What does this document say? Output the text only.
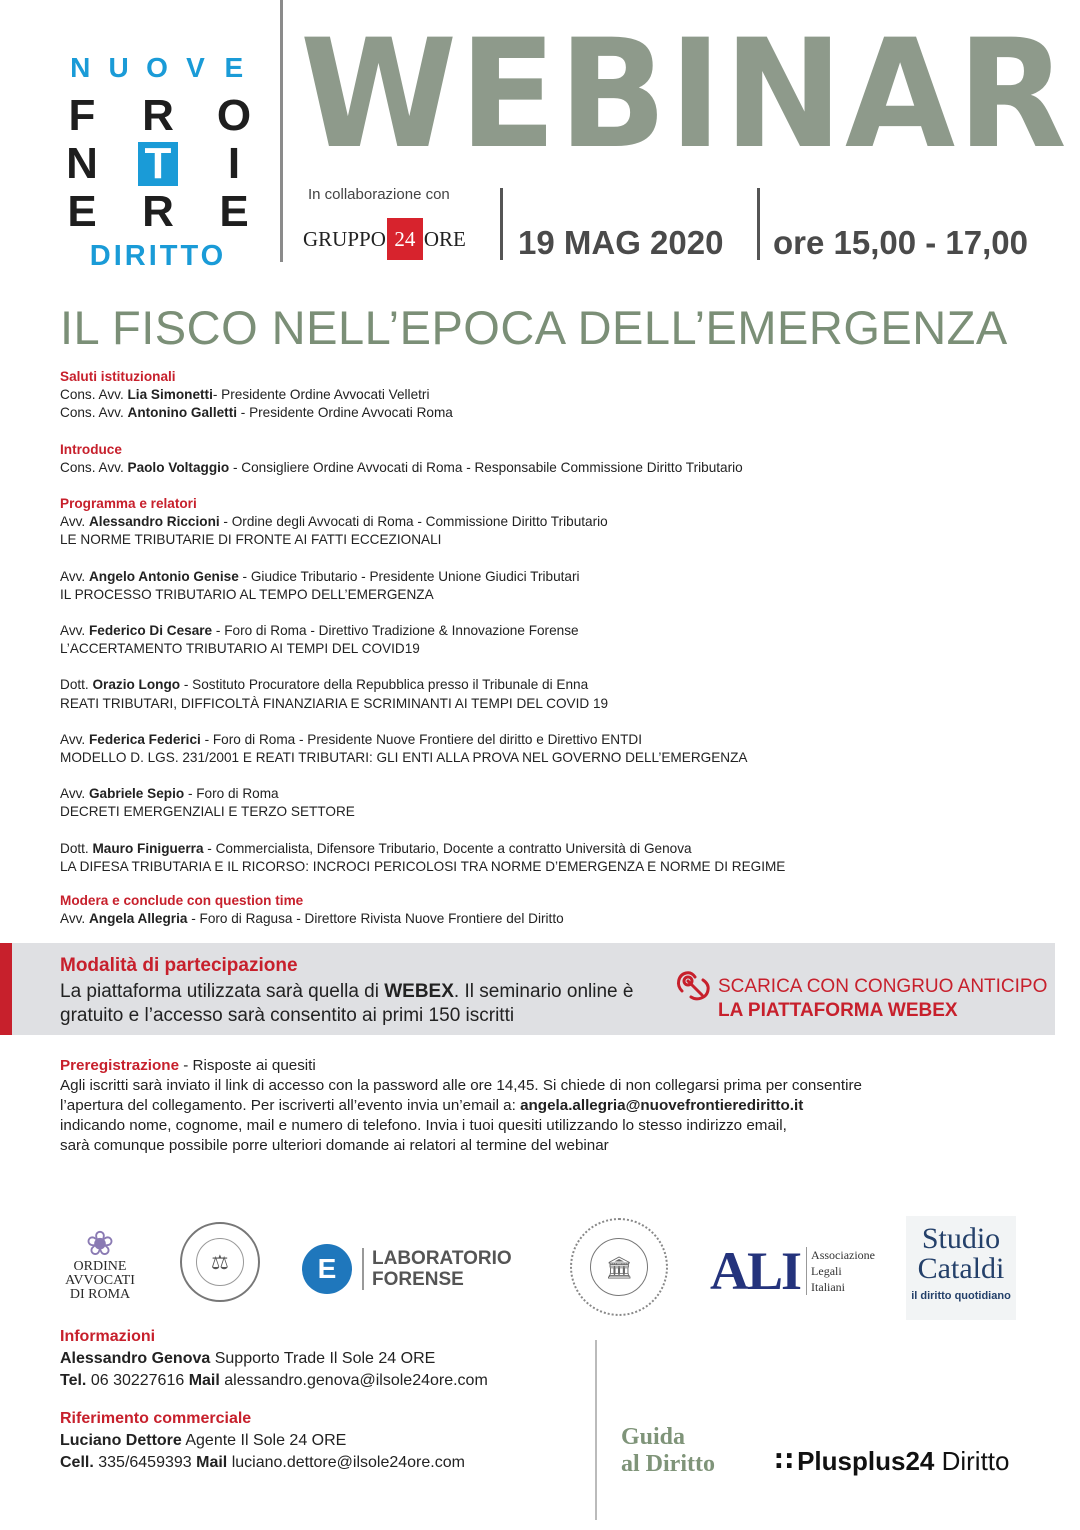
N U O V E
F R O
N T	I
E R E
DIRITTO
WEBINAR
In collaborazione con
GRUPPO 24 ORE 19 MAG 2020 ore 15,00 - 17,00
IL FISCO NELL’EPOCA DELL’EMERGENZA
Saluti istituzionali
Cons. Avv. Lia Simonetti- Presidente Ordine Avvocati Velletri
Cons. Avv. Antonino Galletti - Presidente Ordine Avvocati Roma
Introduce
Cons. Avv. Paolo Voltaggio - Consigliere Ordine Avvocati di Roma - Responsabile Commissione Diritto Tributario
Programma e relatori
Avv. Alessandro Riccioni - Ordine degli Avvocati di Roma - Commissione Diritto Tributario
LE NORME TRIBUTARIE DI FRONTE AI FATTI ECCEZIONALI
Avv. Angelo Antonio Genise - Giudice Tributario - Presidente Unione Giudici Tributari
IL PROCESSO TRIBUTARIO AL TEMPO DELL’EMERGENZA
Avv. Federico Di Cesare - Foro di Roma - Direttivo Tradizione & Innovazione Forense
L’ACCERTAMENTO TRIBUTARIO AI TEMPI DEL COVID19
Dott. Orazio Longo - Sostituto Procuratore della Repubblica presso il Tribunale di Enna
REATI TRIBUTARI, DIFFICOLTÀ FINANZIARIA E SCRIMINANTI AI TEMPI DEL COVID 19
Avv. Federica Federici - Foro di Roma - Presidente Nuove Frontiere del diritto e Direttivo ENTDI
MODELLO D. LGS. 231/2001 E REATI TRIBUTARI: GLI ENTI ALLA PROVA NEL GOVERNO DELL’EMERGENZA
Avv. Gabriele Sepio - Foro di Roma
DECRETI EMERGENZIALI E TERZO SETTORE
Dott. Mauro Finiguerra - Commercialista, Difensore Tributario, Docente a contratto Università di Genova
LA DIFESA TRIBUTARIA E IL RICORSO: INCROCI PERICOLOSI TRA NORME D’EMERGENZA E NORME DI REGIME
Modera e conclude con question time
Avv. Angela Allegria - Foro di Ragusa - Direttore Rivista Nuove Frontiere del Diritto
Modalità di partecipazione
La piattaforma utilizzata sarà quella di WEBEX. Il seminario online è gratuito e l’accesso sarà consentito ai primi 150 iscritti
SCARICA CON CONGRUO ANTICIPO
LA PIATTAFORMA WEBEX
Preregistrazione - Risposte ai quesiti
Agli iscritti sarà inviato il link di accesso con la password alle ore 14,45. Si chiede di non collegarsi prima per consentire
l’apertura del collegamento. Per iscriverti all’evento invia un’email a: angela.allegria@nuovefrontierediritto.it
indicando nome, cognome, mail e numero di telefono. Invia i tuoi quesiti utilizzando lo stesso indirizzo email,
sarà comunque possibile porre ulteriori domande ai relatori al termine del webinar
❀
ORDINE
AVVOCATI
DI ROMA
⚖	E	LABORATORIO
FORENSE	🏛 ALI Associazione
Legali
Italiani
Studio
Cataldi
il diritto quotidiano
Informazioni
Alessandro Genova Supporto Trade Il Sole 24 ORE
Tel. 06 30227616 Mail alessandro.genova@ilsole24ore.com
Riferimento commerciale
Luciano Dettore Agente Il Sole 24 ORE
Cell. 335/6459393 Mail luciano.dettore@ilsole24ore.com
Guida
al Diritto ∷ Plusplus24 Diritto
